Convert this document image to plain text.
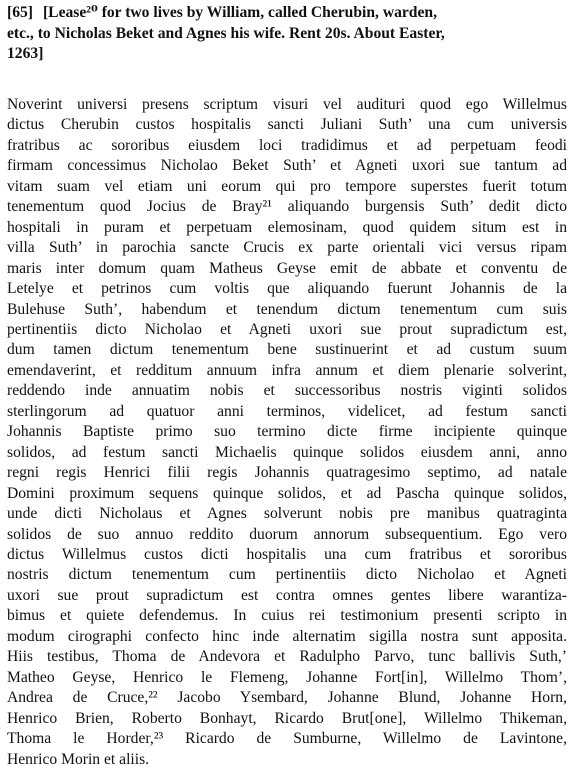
[65] [Lease²⁰ for two lives by William, called Cherubin, warden,
etc., to Nicholas Beket and Agnes his wife. Rent 20s. About Easter,
1263]
Noverint universi presens scriptum visuri vel audituri quod ego Willelmus
dictus Cherubin custos hospitalis sancti Juliani Suth’ una cum universis
fratribus ac sororibus eiusdem loci tradidimus et ad perpetuam feodi
firmam concessimus Nicholao Beket Suth’ et Agneti uxori sue tantum ad
vitam suam vel etiam uni eorum qui pro tempore superstes fuerit totum
tenementum quod Jocius de Bray²¹ aliquando burgensis Suth’ dedit dicto
hospitali in puram et perpetuam elemosinam, quod quidem situm est in
villa Suth’ in parochia sancte Crucis ex parte orientali vici versus ripam
maris inter domum quam Matheus Geyse emit de abbate et conventu de
Letelye et petrinos cum voltis que aliquando fuerunt Johannis de la
Bulehuse Suth’, habendum et tenendum dictum tenementum cum suis
pertinentiis dicto Nicholao et Agneti uxori sue prout supradictum est,
dum tamen dictum tenementum bene sustinuerint et ad custum suum
emendaverint, et redditum annuum infra annum et diem plenarie solverint,
reddendo inde annuatim nobis et successoribus nostris viginti solidos
sterlingorum ad quatuor anni terminos, videlicet, ad festum sancti
Johannis Baptiste primo suo termino dicte firme incipiente quinque
solidos, ad festum sancti Michaelis quinque solidos eiusdem anni, anno
regni regis Henrici filii regis Johannis quatragesimo septimo, ad natale
Domini proximum sequens quinque solidos, et ad Pascha quinque solidos,
unde dicti Nicholaus et Agnes solverunt nobis pre manibus quatraginta
solidos de suo annuo reddito duorum annorum subsequentium. Ego vero
dictus Willelmus custos dicti hospitalis una cum fratribus et sororibus
nostris dictum tenementum cum pertinentiis dicto Nicholao et Agneti
uxori sue prout supradictum est contra omnes gentes libere warantiza-
bimus et quiete defendemus. In cuius rei testimonium presenti scripto in
modum cirographi confecto hinc inde alternatim sigilla nostra sunt apposita.
Hiis testibus, Thoma de Andevora et Radulpho Parvo, tunc ballivis Suth,’
Matheo Geyse, Henrico le Flemeng, Johanne Fort[in], Willelmo Thom’,
Andrea de Cruce,²² Jacobo Ysembard, Johanne Blund, Johanne Horn,
Henrico Brien, Roberto Bonhayt, Ricardo Brut[one], Willelmo Thikeman,
Thoma le Horder,²³ Ricardo de Sumburne, Willelmo de Lavintone,
Henrico Morin et aliis.
